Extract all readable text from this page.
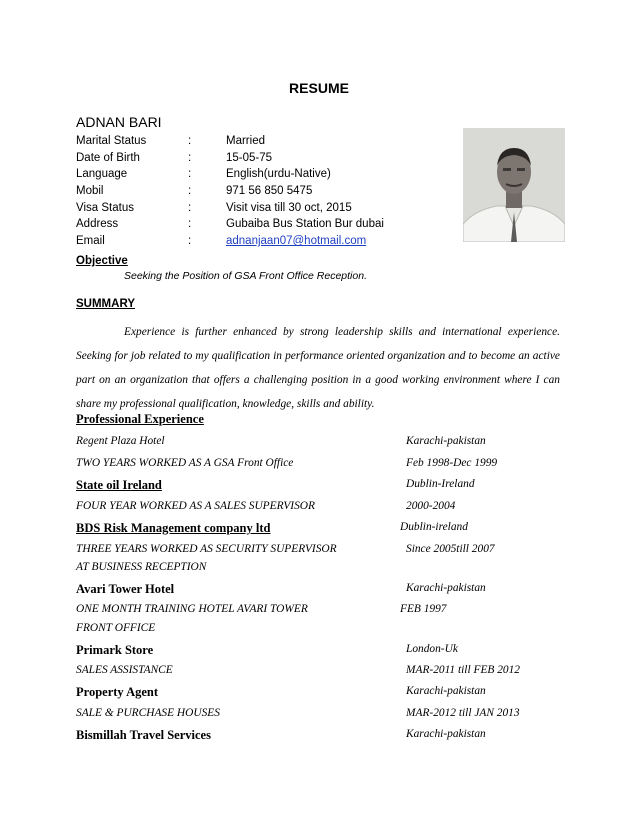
RESUME
ADNAN BARI
Marital Status	:	Married
Date of Birth	:	15-05-75
Language	:	English(urdu-Native)
Mobil	:	971 56 850 5475
Visa Status	:	Visit visa till 30 oct, 2015
Address	:	Gubaiba Bus Station Bur dubai
Email	:	adnanjaan07@hotmail.com
Objective
Seeking the Position of GSA Front Office Reception.
SUMMARY
Experience is further enhanced by strong leadership skills and international experience. Seeking for job related to my qualification in performance oriented organization and to become an active part on an organization that offers a challenging position in a good working environment where I can share my professional qualification, knowledge, skills and ability.
Professional Experience
Regent Plaza Hotel	Karachi-pakistan
TWO YEARS WORKED AS A GSA Front Office	Feb 1998-Dec 1999
State oil Ireland	Dublin-Ireland
FOUR YEAR WORKED AS A SALES SUPERVISOR	2000-2004
BDS Risk Management company ltd	Dublin-ireland
THREE YEARS WORKED AS SECURITY SUPERVISOR	Since 2005till 2007
AT BUSINESS RECEPTION
Avari Tower Hotel	Karachi-pakistan
ONE MONTH TRAINING HOTEL AVARI TOWER	FEB 1997
FRONT OFFICE
Primark Store	London-Uk
SALES ASSISTANCE	MAR-2011 till FEB 2012
Property Agent	Karachi-pakistan
SALE & PURCHASE HOUSES	MAR-2012 till JAN 2013
Bismillah Travel Services	Karachi-pakistan
